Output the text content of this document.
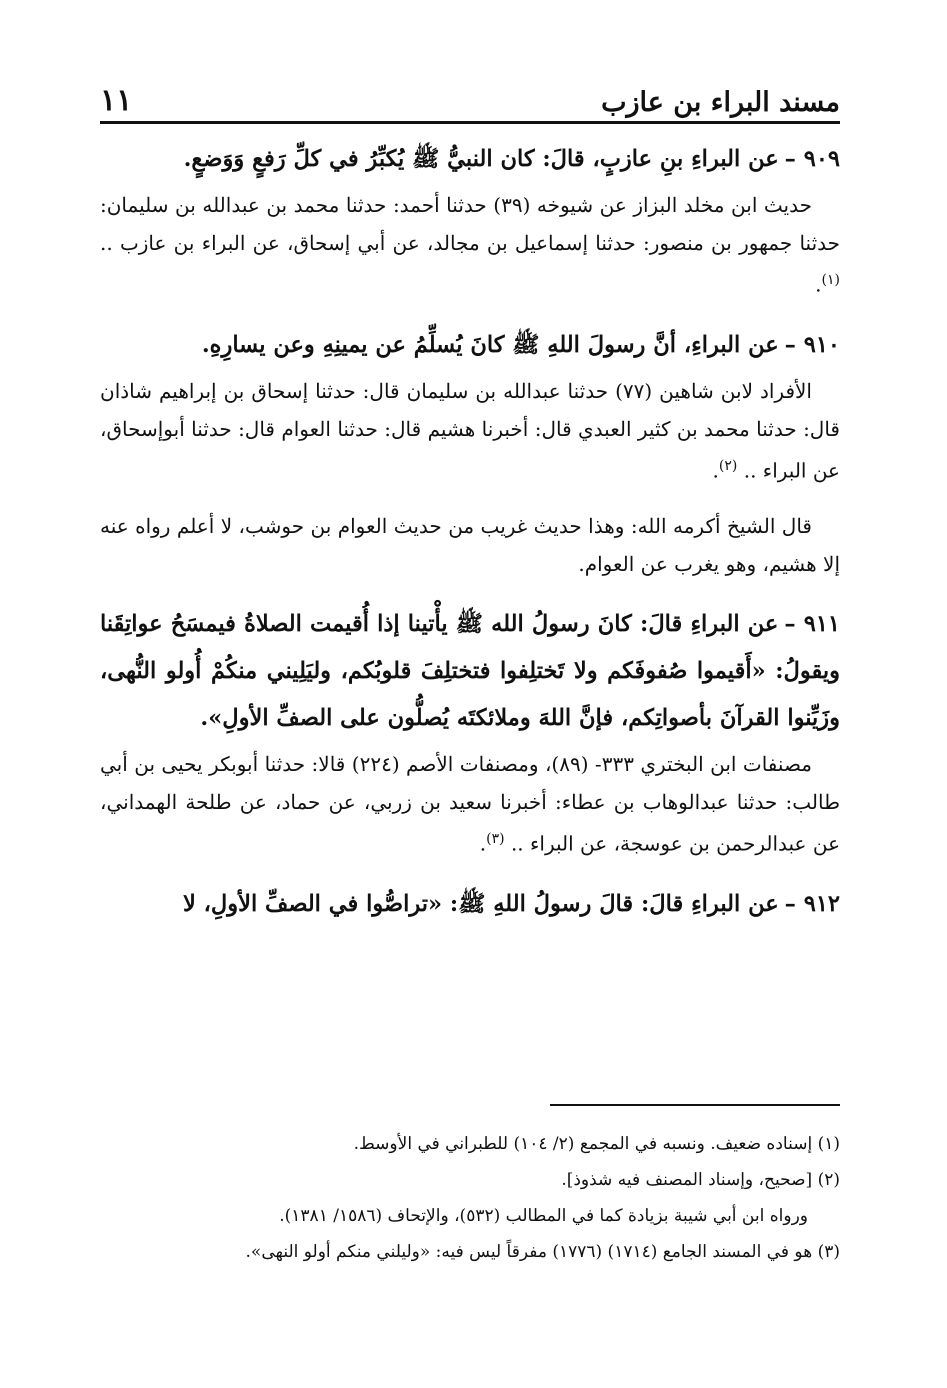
مسند البراء بن عازب
١١

٩٠٩ –عن البراءِ بنِ عازبٍ، قالَ: كان النبيُّ ﷺ يُكبِّرُ في كلِّ رَفعٍ وَوَضعٍ.

حديث ابن مخلد البزاز عن شيوخه (٣٩) حدثنا أحمد: حدثنا محمد بن عبدالله بن سليمان: حدثنا جمهور بن منصور: حدثنا إسماعيل بن مجالد، عن أبي إسحاق، عن البراء بن عازب .. $^{(١)}$.

٩١٠ –عن البراءِ، أنَّ رسولَ اللهِ ﷺ كانَ يُسلِّمُ عن يمينِهِ وعن يسارِهِ.

الأفراد لابن شاهين (٧٧) حدثنا عبدالله بن سليمان قال: حدثنا إسحاق بن إبراهيم شاذان قال: حدثنا محمد بن كثير العبدي قال: أخبرنا هشيم قال: حدثنا العوام قال: حدثنا أبوإسحاق، عن البراء .. $^{(٢)}$.

قال الشيخ أكرمه الله: وهذا حديث غريب من حديث العوام بن حوشب، لا أعلم رواه عنه إلا هشيم، وهو يغرب عن العوام.

٩١١ –عن البراءِ قالَ: كانَ رسولُ الله ﷺ يأْتينا إذا أُقيمت الصلاةُ فيمسَحُ عواتِقَنا ويقولُ: «أَقيموا صُفوفَكم ولا تَختلِفوا فتختلِفَ قلوبُكم، وليَلِيني منكُمْ أُولو النُّهى، وزَيِّنوا القرآنَ بأصواتِكم، فإنَّ اللهَ وملائكتَه يُصلُّون على الصفِّ الأولِ».

مصنفات ابن البختري ٣٣٣- (٨٩)، ومصنفات الأصم (٢٢٤) قالا: حدثنا أبوبكر يحيى بن أبي طالب: حدثنا عبدالوهاب بن عطاء: أخبرنا سعيد بن زربي، عن حماد، عن طلحة الهمداني، عن عبدالرحمن بن عوسجة، عن البراء .. $^{(٣)}$.

٩١٢ –عن البراءِ قالَ: قالَ رسولُ اللهِ ﷺ: «تراصُّوا في الصفِّ الأولِ، لا

(١) إسناده ضعيف. ونسبه في المجمع (٢/ ١٠٤) للطبراني في الأوسط.

(٢) [صحيح، وإسناد المصنف فيه شذوذ].

ورواه ابن أبي شيبة بزيادة كما في المطالب (٥٣٢)، والإتحاف (١٥٨٦/ ١٣٨١).

(٣) هو في المسند الجامع (١٧١٤) (١٧٧٦) مفرقاً ليس فيه: «وليلني منكم أولو النهى».
